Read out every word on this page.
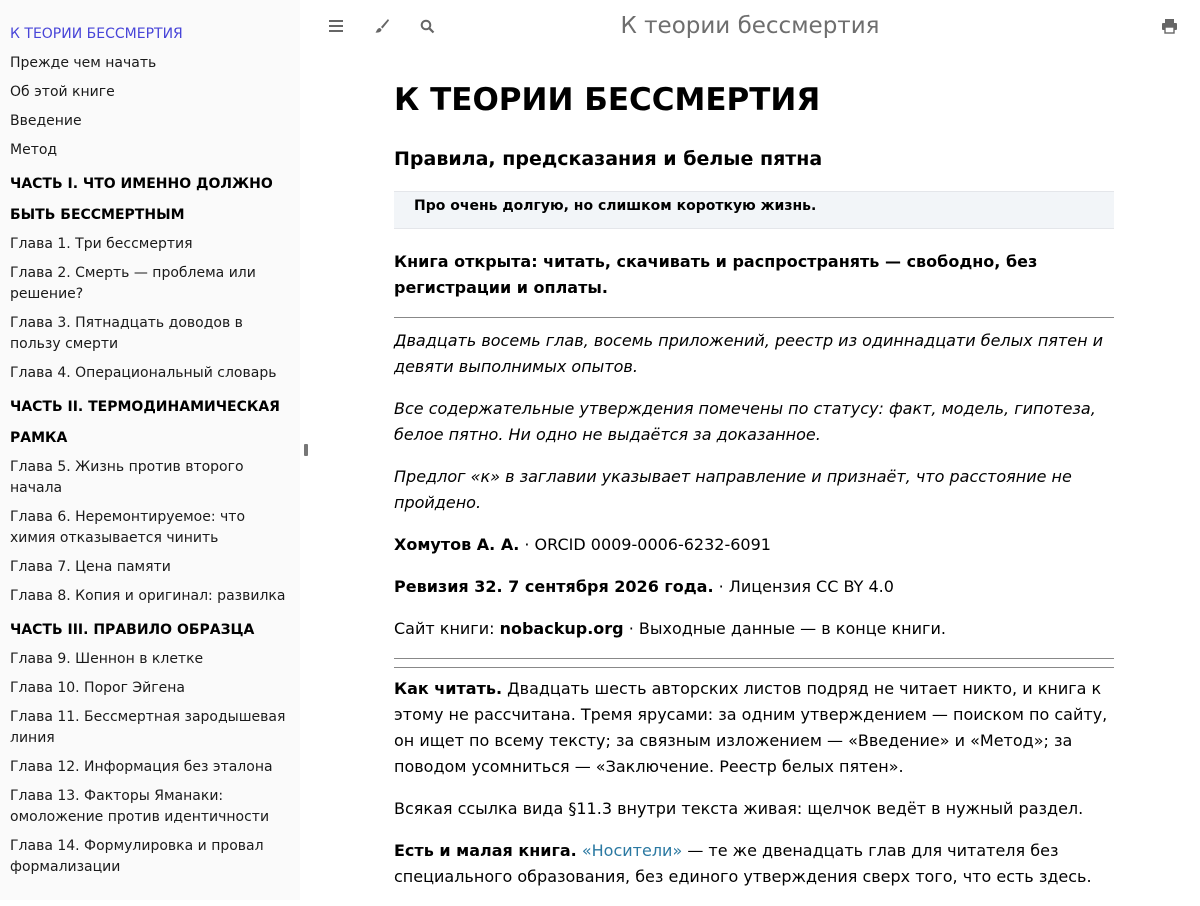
К ТЕОРИИ БЕССМЕРТИЯ
Прежде чем начать
Об этой книге
Введение
Метод
ЧАСТЬ I. ЧТО ИМЕННО ДОЛЖНО БЫТЬ БЕССМЕРТНЫМ
Глава 1. Три бессмертия
Глава 2. Смерть — проблема или решение?
Глава 3. Пятнадцать доводов в пользу смерти
Глава 4. Операциональный словарь
ЧАСТЬ II. ТЕРМОДИНАМИЧЕСКАЯ РАМКА
Глава 5. Жизнь против второго начала
Глава 6. Неремонтируемое: что химия отказывается чинить
Глава 7. Цена памяти
Глава 8. Копия и оригинал: развилка
ЧАСТЬ III. ПРАВИЛО ОБРАЗЦА
Глава 9. Шеннон в клетке
Глава 10. Порог Эйгена
Глава 11. Бессмертная зародышевая линия
Глава 12. Информация без эталона
Глава 13. Факторы Яманаки: омоложение против идентичности
Глава 14. Формулировка и провал формализации
К теории бессмертия
К ТЕОРИИ БЕССМЕРТИЯ
Правила, предсказания и белые пятна
Про очень долгую, но слишком короткую жизнь.

Книга открыта: читать, скачивать и распространять — свободно, без регистрации и оплаты.

Двадцать восемь глав, восемь приложений, реестр из одиннадцати белых пятен и девяти выполнимых опытов.

Все содержательные утверждения помечены по статусу: факт, модель, гипотеза, белое пятно. Ни одно не выдаётся за доказанное.

Предлог «к» в заглавии указывает направление и признаёт, что расстояние не пройдено.

Хомутов А. А. · ORCID 0009-0006-6232-6091

Ревизия 32. 7 сентября 2026 года. · Лицензия CC BY 4.0

Сайт книги: nobackup.org · Выходные данные — в конце книги.

Как читать. Двадцать шесть авторских листов подряд не читает никто, и книга к этому не рассчитана. Тремя ярусами: за одним утверждением — поиском по сайту, он ищет по всему тексту; за связным изложением — «Введение» и «Метод»; за поводом усомниться — «Заключение. Реестр белых пятен».

Всякая ссылка вида §11.3 внутри текста живая: щелчок ведёт в нужный раздел.

Есть и малая книга. «Носители» — те же двенадцать глав для читателя без специального образования, без единого утверждения сверх того, что есть здесь.
